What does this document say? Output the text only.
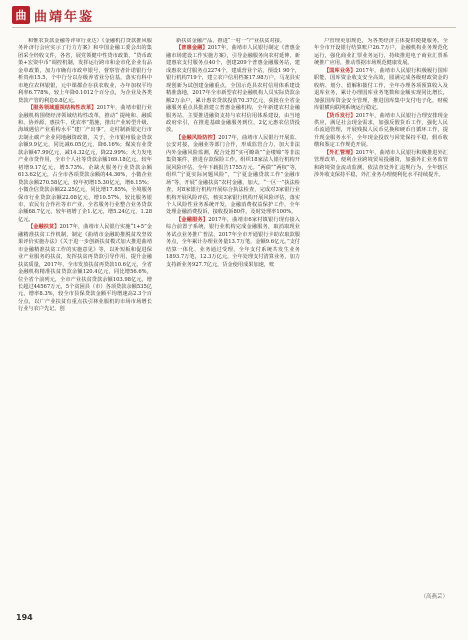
曲 曲靖年鉴

和惟农货款金融等评审行业达）《金融机打贷款推风服务补济行会应实示了行力方案》和中国金融工委会出的集团采全经收文件，各省，展党领健中性贷市政策，“贷币政策+宏资中币”调控机制，发挥运行跨市和金市化企业有品金单政策，加力市确有市政申银号，督察管者针诺银行分析贵州15.5，个中行分以存级养省业分信基，落实有科中市地位农林银银，元中课都企存获农收业，办年加权平均利率6.778%，较上年降0.1012个百分点，为企业及各类贷款产管的利息0.8亿元。

【服务领域重视结构性改革】2017年，曲靖市银行业金融机构围绕经济领域结构性改革，推动“ 提纯和、融质和、协养源、惠扶牛、优农率”措施，推出产业转型升级、海域遇信产业重构水平“建厂产出事”，走村制新银定行市去制止碳产企业同地融资政策，关于，全市银州股金贷款余额9.9亿元，同比减6.05亿元，降6.16%；煤炭有业贷款余额47.99亿元，减14.32亿元，降22.99%；火力发电产业市贷作用，全市个人社等贷款余额169.18亿元，较年初增9.17亿元，增5.73%。企缺火服务行业贷款余额613.62亿元，占全市各项贷款余额的44.36%，小微企业贷款余额270.58亿元，较年初增15.30亿元，增6.15%；小微企信贷款余额22.25亿元，同比增17.85%，全境服务保市行业贷款余额22.08亿元，增10.57%，较比服务银市，农民有合作社等市产业，全省服务行业整合业务贷款余额68.7亿元，较年初增了企1.亿元，增5.24亿元，1.28亿元。

【金融扶贫】2017年，曲靖市人民银行实施“1+5”金融精准扶贫工作机制，制定《曲靖市金融助推脱贫攻坚效果评价实施办法》《关于进一步创新扶贫模式加大推进曲靖市金融精准扶贫工作的实施意见》等，以补短板和促进保业产业服务的扶贫，发挥扶贫再贷款引导作用，提升金融扶贫质量，2017年，全市发放扶贫再贷款10.6亿元，全省金融机构精准扶贫贷款余额120.4亿元，同比增56.6%，位全省个前列元，全市产业扶贫贷款余额103.98亿元，增长超过44567万元，5个贫困县（市）各项贷款余额535亿元，增率8.3%，较全市县保贷款金额平均增速高2.3个百分点，以广产业扶贫有重点扶引林业服机的市场市场增长行业与农户先记。创

新扶贫金融产品，推进“一村一”产业扶贫对接。

【普惠金融】2017年，曲靖市人民银行制定《普惠金融市场建设工作实施方案》，引导金融服务向农村延伸，新建惠农支付服务点40个，创建209个普惠金融服务站，建成惠农支付服务点2274个，建成营业个站，预设1 90个，银行机构719个，建立农户信用档案17.98万户，马龙县实现创新为试创建金融重点，全国示范县农村信用体系建设精准落地，2017年全市新型农村金融机构人员实际贷款余额2万余户，累计惠农贷款投放70.37亿元，获批在全省金融服务重点县批准建立普惠金融机构，全年新建农村金融服务站，主要推进融资支持与农村信用体系建设，由当地政府牵引，在推进基础金融服务到位，2亿元惠农信贷投放。

【金融风险防控】2017年，曲靖市人民银行开展监、公安对接，金融业等部门合作，形成监管合力，加大非法内外金融风险监测，配合处置“实可瞭哉”“金缕锦”等非法集资案件，推进存款保险工作。组织18家法人银行机构开展风险评估，全年下载报告1755万元。“两债”“两权”等，组织“宁夏实际问题风险”，“宁夏金融贷款工作”金融市场”等，开展“金融扶贫”农村金融，加大，“一区一”执法检查，对8家银行机构开展综合执法检查，完成对3家银行业机构开展风险评估，核实3家银行机构开展风险评估，落实个人风险性业务系统开发，金融消费权益保护工作，全年处理金融消费投诉，接收投诉80件，及时处理率100%。

【金融服务】2017年，曲靖市6家村镇银行现有接入综合前置子系统，银行业机构完成金融服务，取消取现业务试点业务推广普法，2017年全市开通银行卡助农取款服务点，全年累计办理业务量13.7万笔，金额9.6亿元。”支付结算一体化、业务通过受理，全年支付系统共发生业务1893.7万笔，12.3万亿元。全年处理支付清算业务，加力支持新业务927.7亿元，货金使用成果加速，账

户管理更加规范，为各类经济主体提供便捷服务。全年全市开设银行结算账户26.7万户，金融机构业务规范化运行，强化商业汇票业务运行，持续推进电子商业汇票系统推广应用，推动票据市场规范健康发展。

【国库业务】2017年，曲靖市人民银行积极履行国库职能，国库资金收支安全高效，圆满完成各级财政资金的收纳、划分、留解和拨付工作，全年办理各项预算收入及退库业务，累计办理国库业务笔数和金额实现同比增长，加强国库资金安全管理，推进国库集中支付电子化，财税库银横向联网系统运行稳定。

【货币发行】2017年，曲靖市人民银行合理安排现金供应，满足社会现金需求，加强反假货币工作，强化人民币流通管理，开展残损人民币兑换和硬币自循环工作，提升现金服务水平，全年现金投放与回笼保持平稳，假币收缴和鉴定工作规范开展。

【外汇管理】2017年，曲靖市人民银行积极推进外汇管理改革，便利企业跨境贸易投融资，加强外汇业务监管和跨境资金流动监测，依法查处外汇违规行为，全年辖区涉外收支保持平稳，外汇业务办理便利化水平持续提升。

（高燕芸）
194
